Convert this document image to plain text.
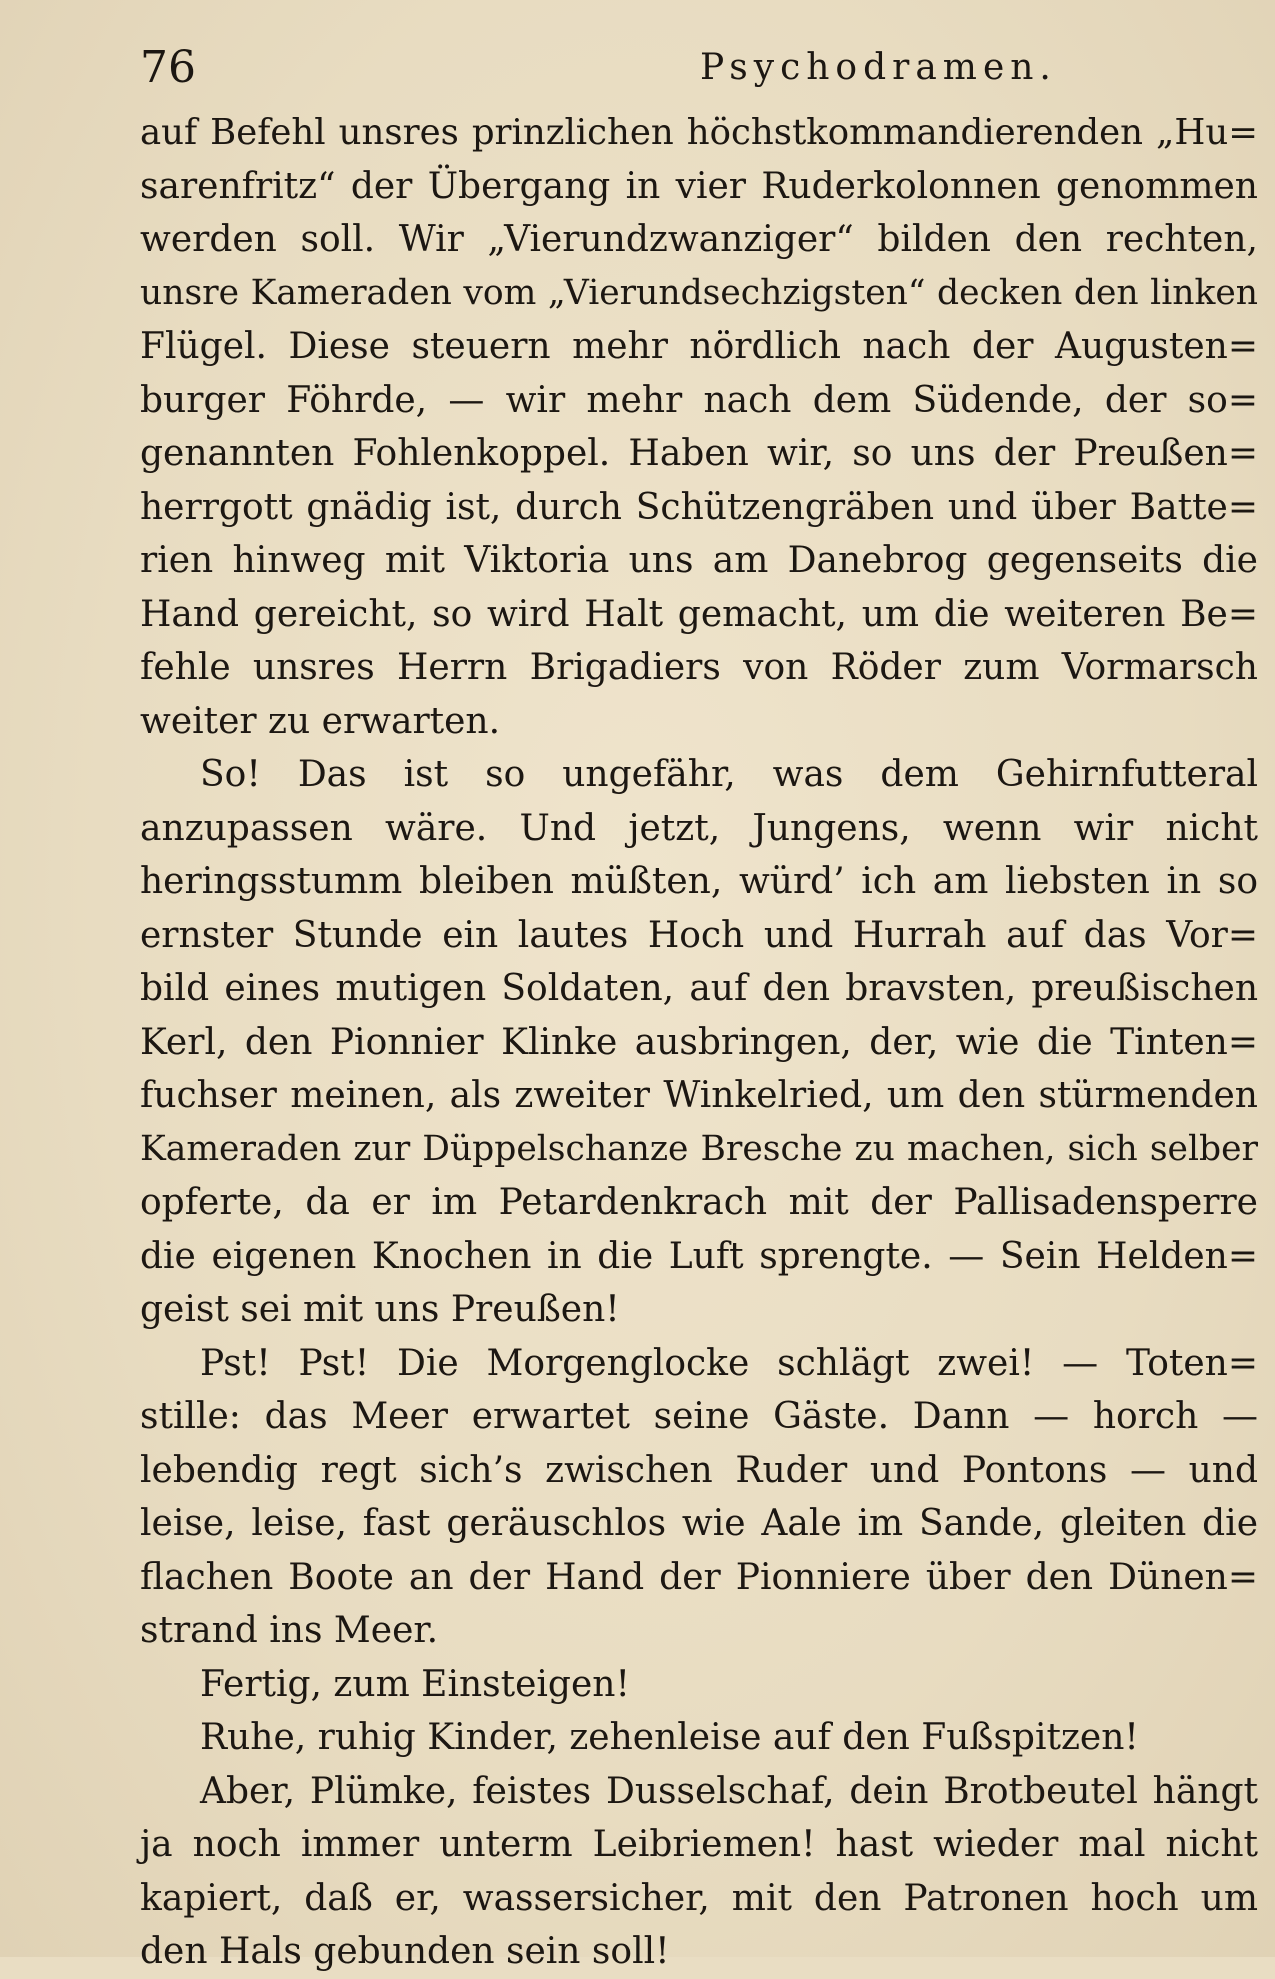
76	Psychodramen.
auf Befehl unsres prinzlichen höchstkommandierenden „Hu=
sarenfritz“ der Übergang in vier Ruderkolonnen genommen
werden soll. Wir „Vierundzwanziger“ bilden den rechten,
unsre Kameraden vom „Vierundsechzigsten“ decken den linken
Flügel. Diese steuern mehr nördlich nach der Augusten=
burger Föhrde, — wir mehr nach dem Südende, der so=
genannten Fohlenkoppel. Haben wir, so uns der Preußen=
herrgott gnädig ist, durch Schützengräben und über Batte=
rien hinweg mit Viktoria uns am Danebrog gegenseits die
Hand gereicht, so wird Halt gemacht, um die weiteren Be=
fehle unsres Herrn Brigadiers von Röder zum Vormarsch
weiter zu erwarten.
So! Das ist so ungefähr, was dem Gehirnfutteral
anzupassen wäre. Und jetzt, Jungens, wenn wir nicht
heringsstumm bleiben müßten, würd’ ich am liebsten in so
ernster Stunde ein lautes Hoch und Hurrah auf das Vor=
bild eines mutigen Soldaten, auf den bravsten, preußischen
Kerl, den Pionnier Klinke ausbringen, der, wie die Tinten=
fuchser meinen, als zweiter Winkelried, um den stürmenden
Kameraden zur Düppelschanze Bresche zu machen, sich selber
opferte, da er im Petardenkrach mit der Pallisadensperre
die eigenen Knochen in die Luft sprengte. — Sein Helden=
geist sei mit uns Preußen!
Pst! Pst! Die Morgenglocke schlägt zwei! — Toten=
stille: das Meer erwartet seine Gäste. Dann — horch —
lebendig regt sich’s zwischen Ruder und Pontons — und
leise, leise, fast geräuschlos wie Aale im Sande, gleiten die
flachen Boote an der Hand der Pionniere über den Dünen=
strand ins Meer.
Fertig, zum Einsteigen!
Ruhe, ruhig Kinder, zehenleise auf den Fußspitzen!
Aber, Plümke, feistes Dusselschaf, dein Brotbeutel hängt
ja noch immer unterm Leibriemen! hast wieder mal nicht
kapiert, daß er, wassersicher, mit den Patronen hoch um
den Hals gebunden sein soll!
